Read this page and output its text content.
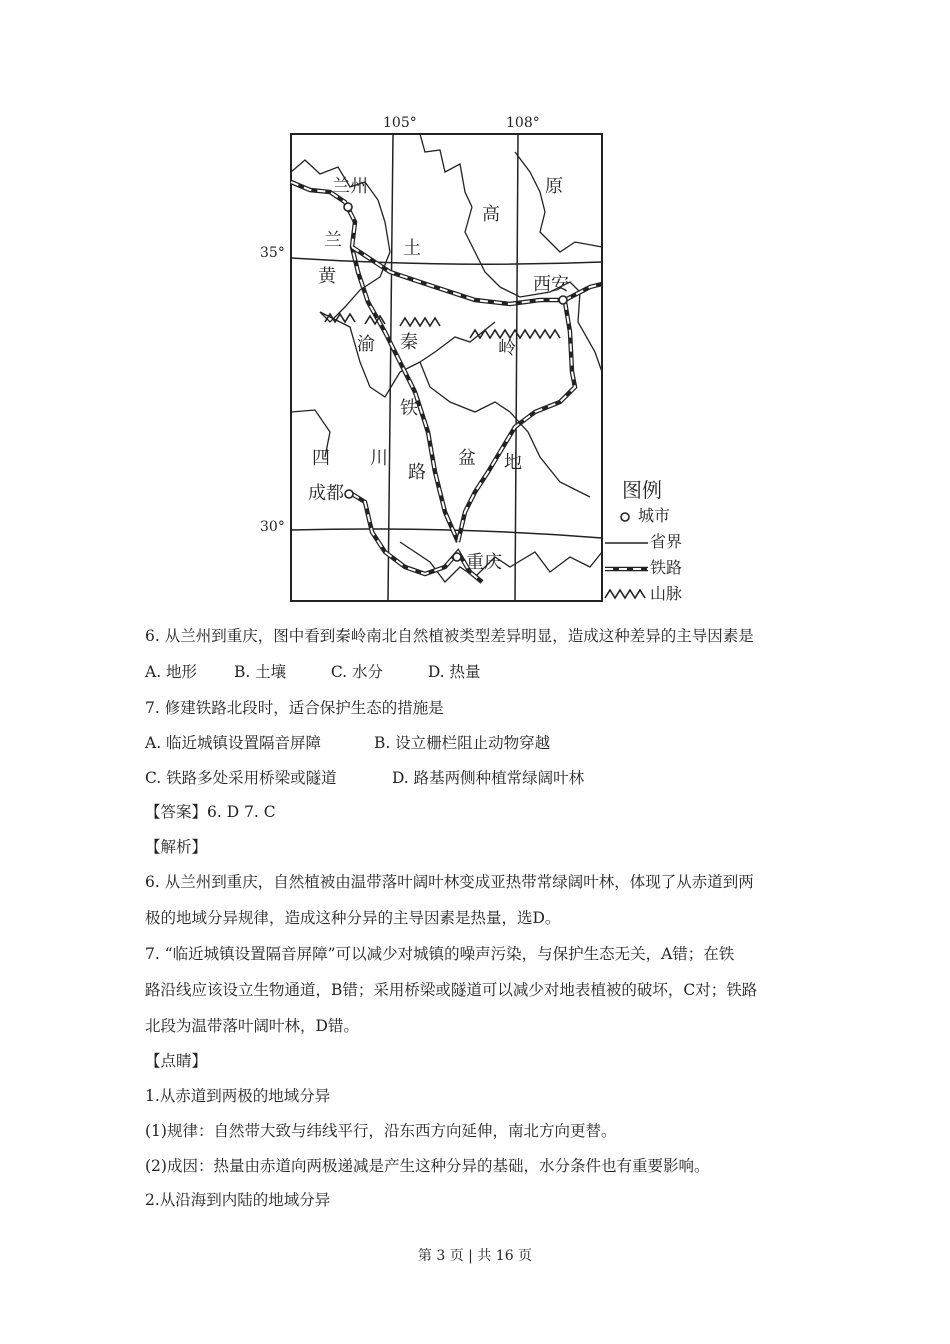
105°	108°
35°
30°
兰州	原
高
兰	土
黄	西安
渝 秦	岭
铁
四 川	盆 地
路
成都
重庆
图例
城市
省界
铁路
山脉
6. 从兰州到重庆，图中看到秦岭南北自然植被类型差异明显，造成这种差异的主导因素是
A. 地形 B. 土壤	C. 水分	D. 热量
7. 修建铁路北段时，适合保护生态的措施是
A. 临近城镇设置隔音屏障	B. 设立栅栏阻止动物穿越
C. 铁路多处采用桥梁或隧道	D. 路基两侧种植常绿阔叶林
【答案】6. D 7. C
【解析】
6. 从兰州到重庆，自然植被由温带落叶阔叶林变成亚热带常绿阔叶林，体现了从赤道到两
极的地域分异规律，造成这种分异的主导因素是热量，选D。
7. “临近城镇设置隔音屏障”可以减少对城镇的噪声污染，与保护生态无关，A错；在铁
路沿线应该设立生物通道，B错；采用桥梁或隧道可以减少对地表植被的破坏，C对；铁路
北段为温带落叶阔叶林，D错。
【点睛】
1.从赤道到两极的地域分异
(1)规律：自然带大致与纬线平行，沿东西方向延伸，南北方向更替。
(2)成因：热量由赤道向两极递减是产生这种分异的基础，水分条件也有重要影响。
2.从沿海到内陆的地域分异
第 3 页 | 共 16 页
